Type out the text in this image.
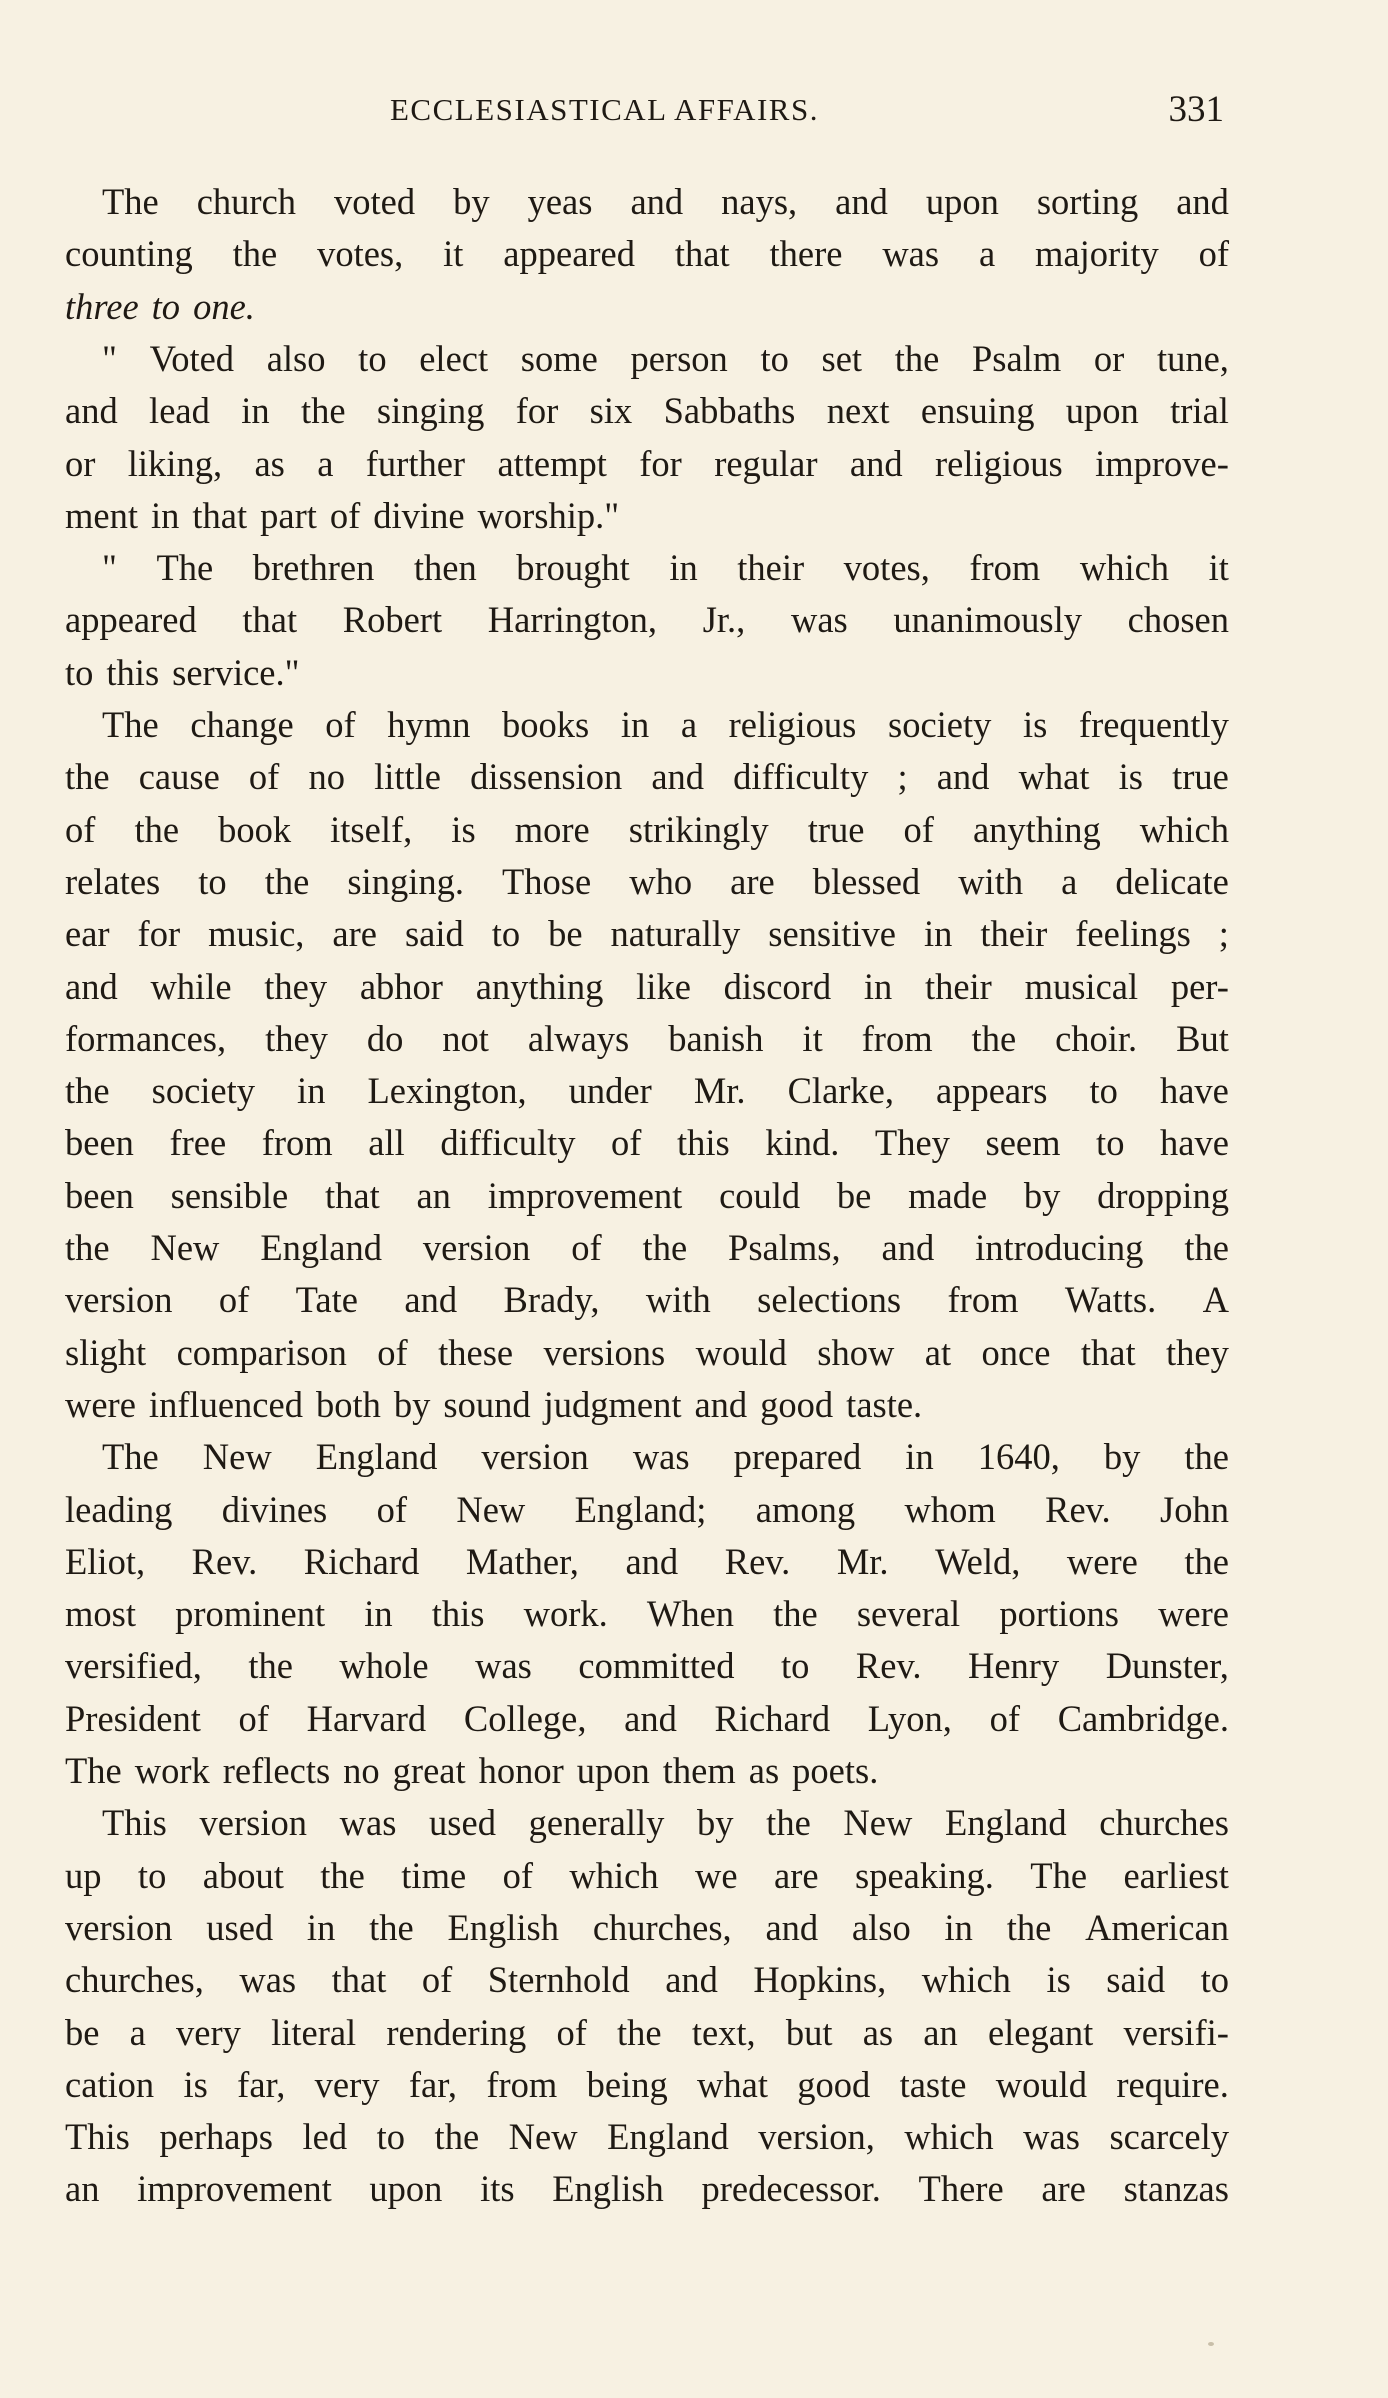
ECCLESIASTICAL AFFAIRS.	331
The church voted by yeas and nays, and upon sorting and
counting the votes, it appeared that there was a majority of
three to one.
" Voted also to elect some person to set the Psalm or tune,
and lead in the singing for six Sabbaths next ensuing upon trial
or liking, as a further attempt for regular and religious improve-
ment in that part of divine worship."
" The brethren then brought in their votes, from which it
appeared that Robert Harrington, Jr., was unanimously chosen
to this service."
The change of hymn books in a religious society is frequently
the cause of no little dissension and difficulty ; and what is true
of the book itself, is more strikingly true of anything which
relates to the singing. Those who are blessed with a delicate
ear for music, are said to be naturally sensitive in their feelings ;
and while they abhor anything like discord in their musical per-
formances, they do not always banish it from the choir. But
the society in Lexington, under Mr. Clarke, appears to have
been free from all difficulty of this kind. They seem to have
been sensible that an improvement could be made by dropping
the New England version of the Psalms, and introducing the
version of Tate and Brady, with selections from Watts. A
slight comparison of these versions would show at once that they
were influenced both by sound judgment and good taste.
The New England version was prepared in 1640, by the
leading divines of New England; among whom Rev. John
Eliot, Rev. Richard Mather, and Rev. Mr. Weld, were the
most prominent in this work. When the several portions were
versified, the whole was committed to Rev. Henry Dunster,
President of Harvard College, and Richard Lyon, of Cambridge.
The work reflects no great honor upon them as poets.
This version was used generally by the New England churches
up to about the time of which we are speaking. The earliest
version used in the English churches, and also in the American
churches, was that of Sternhold and Hopkins, which is said to
be a very literal rendering of the text, but as an elegant versifi-
cation is far, very far, from being what good taste would require.
This perhaps led to the New England version, which was scarcely
an improvement upon its English predecessor. There are stanzas
